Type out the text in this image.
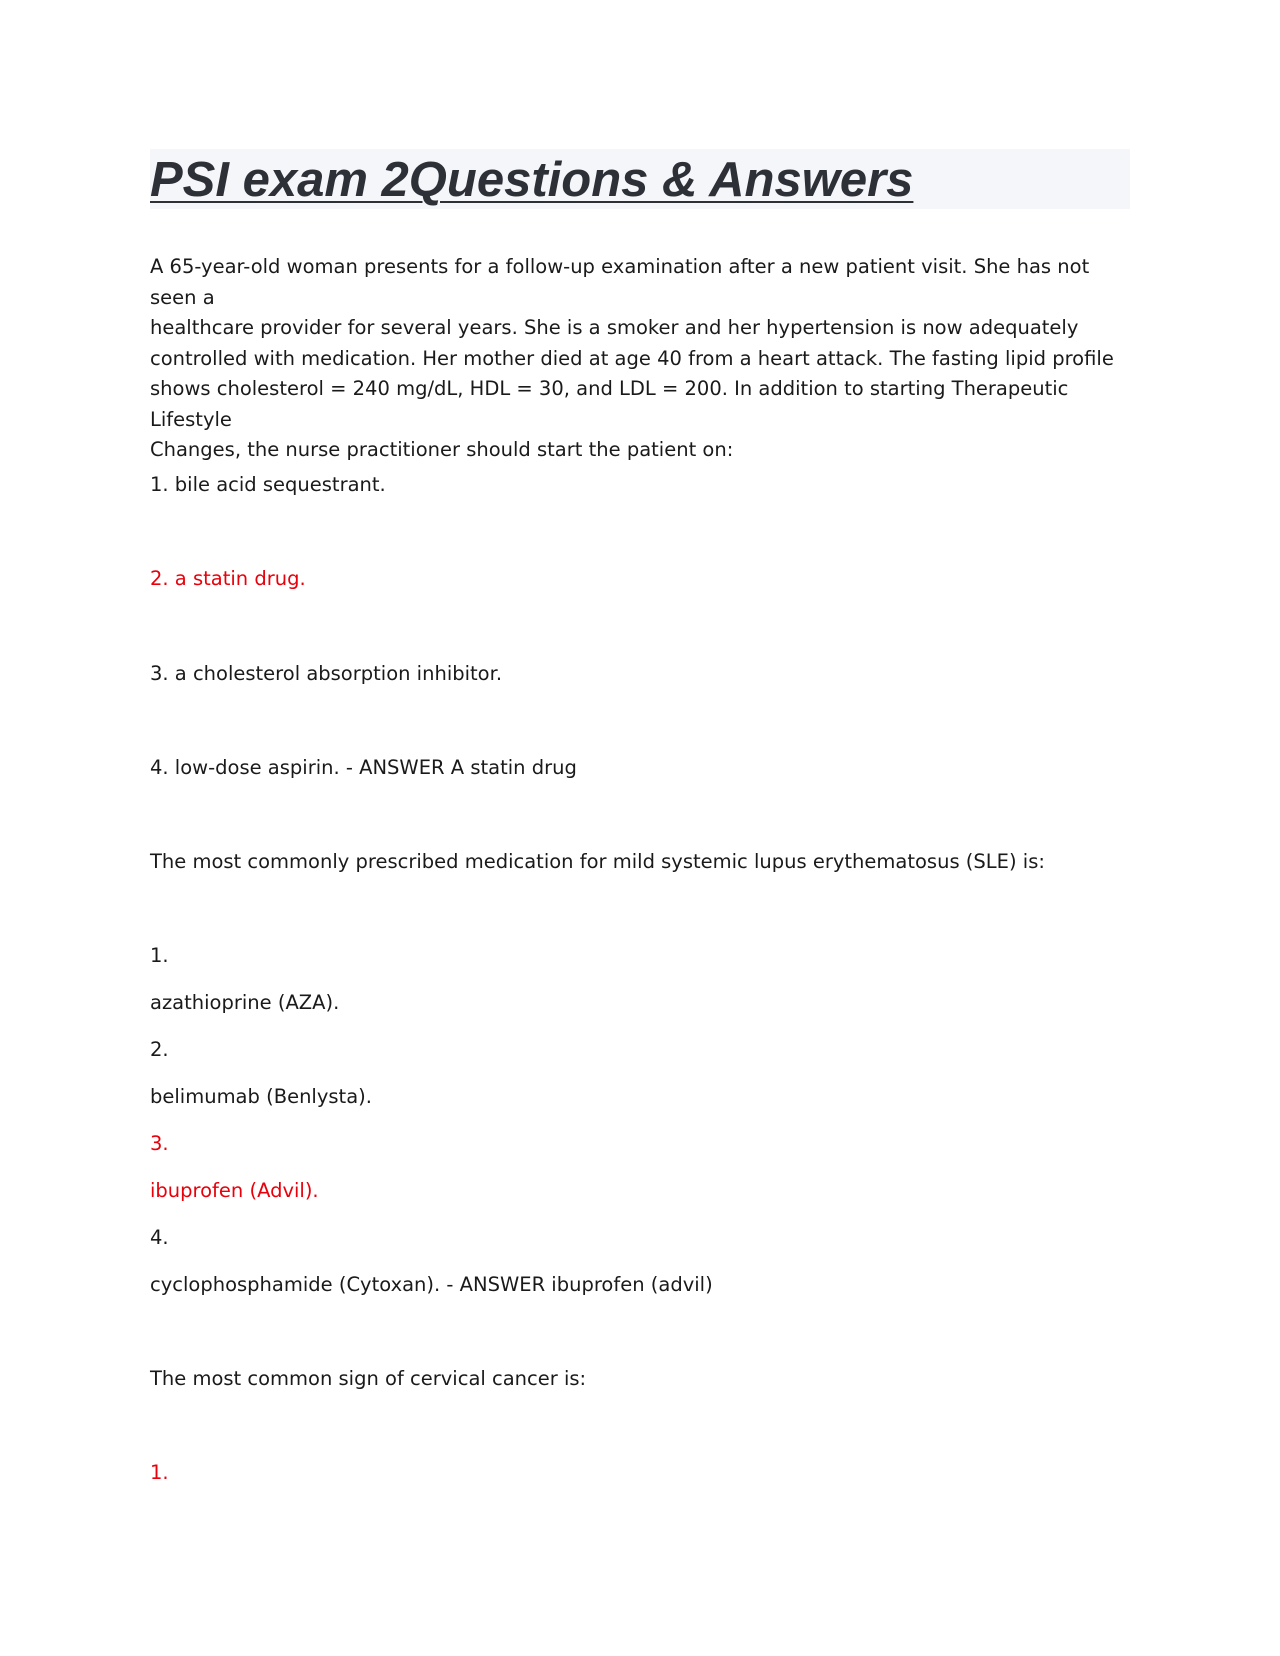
PSI exam 2Questions & Answers

A 65-year-old woman presents for a follow-up examination after a new patient visit. She has not seen a
healthcare provider for several years. She is a smoker and her hypertension is now adequately
controlled with medication. Her mother died at age 40 from a heart attack. The fasting lipid profile
shows cholesterol = 240 mg/dL, HDL = 30, and LDL = 200. In addition to starting Therapeutic Lifestyle
Changes, the nurse practitioner should start the patient on:

1. bile acid sequestrant.

2. a statin drug.

3. a cholesterol absorption inhibitor.

4. low-dose aspirin. - ANSWER A statin drug

The most commonly prescribed medication for mild systemic lupus erythematosus (SLE) is:

1.

azathioprine (AZA).

2.

belimumab (Benlysta).

3.

ibuprofen (Advil).

4.

cyclophosphamide (Cytoxan). - ANSWER ibuprofen (advil)

The most common sign of cervical cancer is:

1.
